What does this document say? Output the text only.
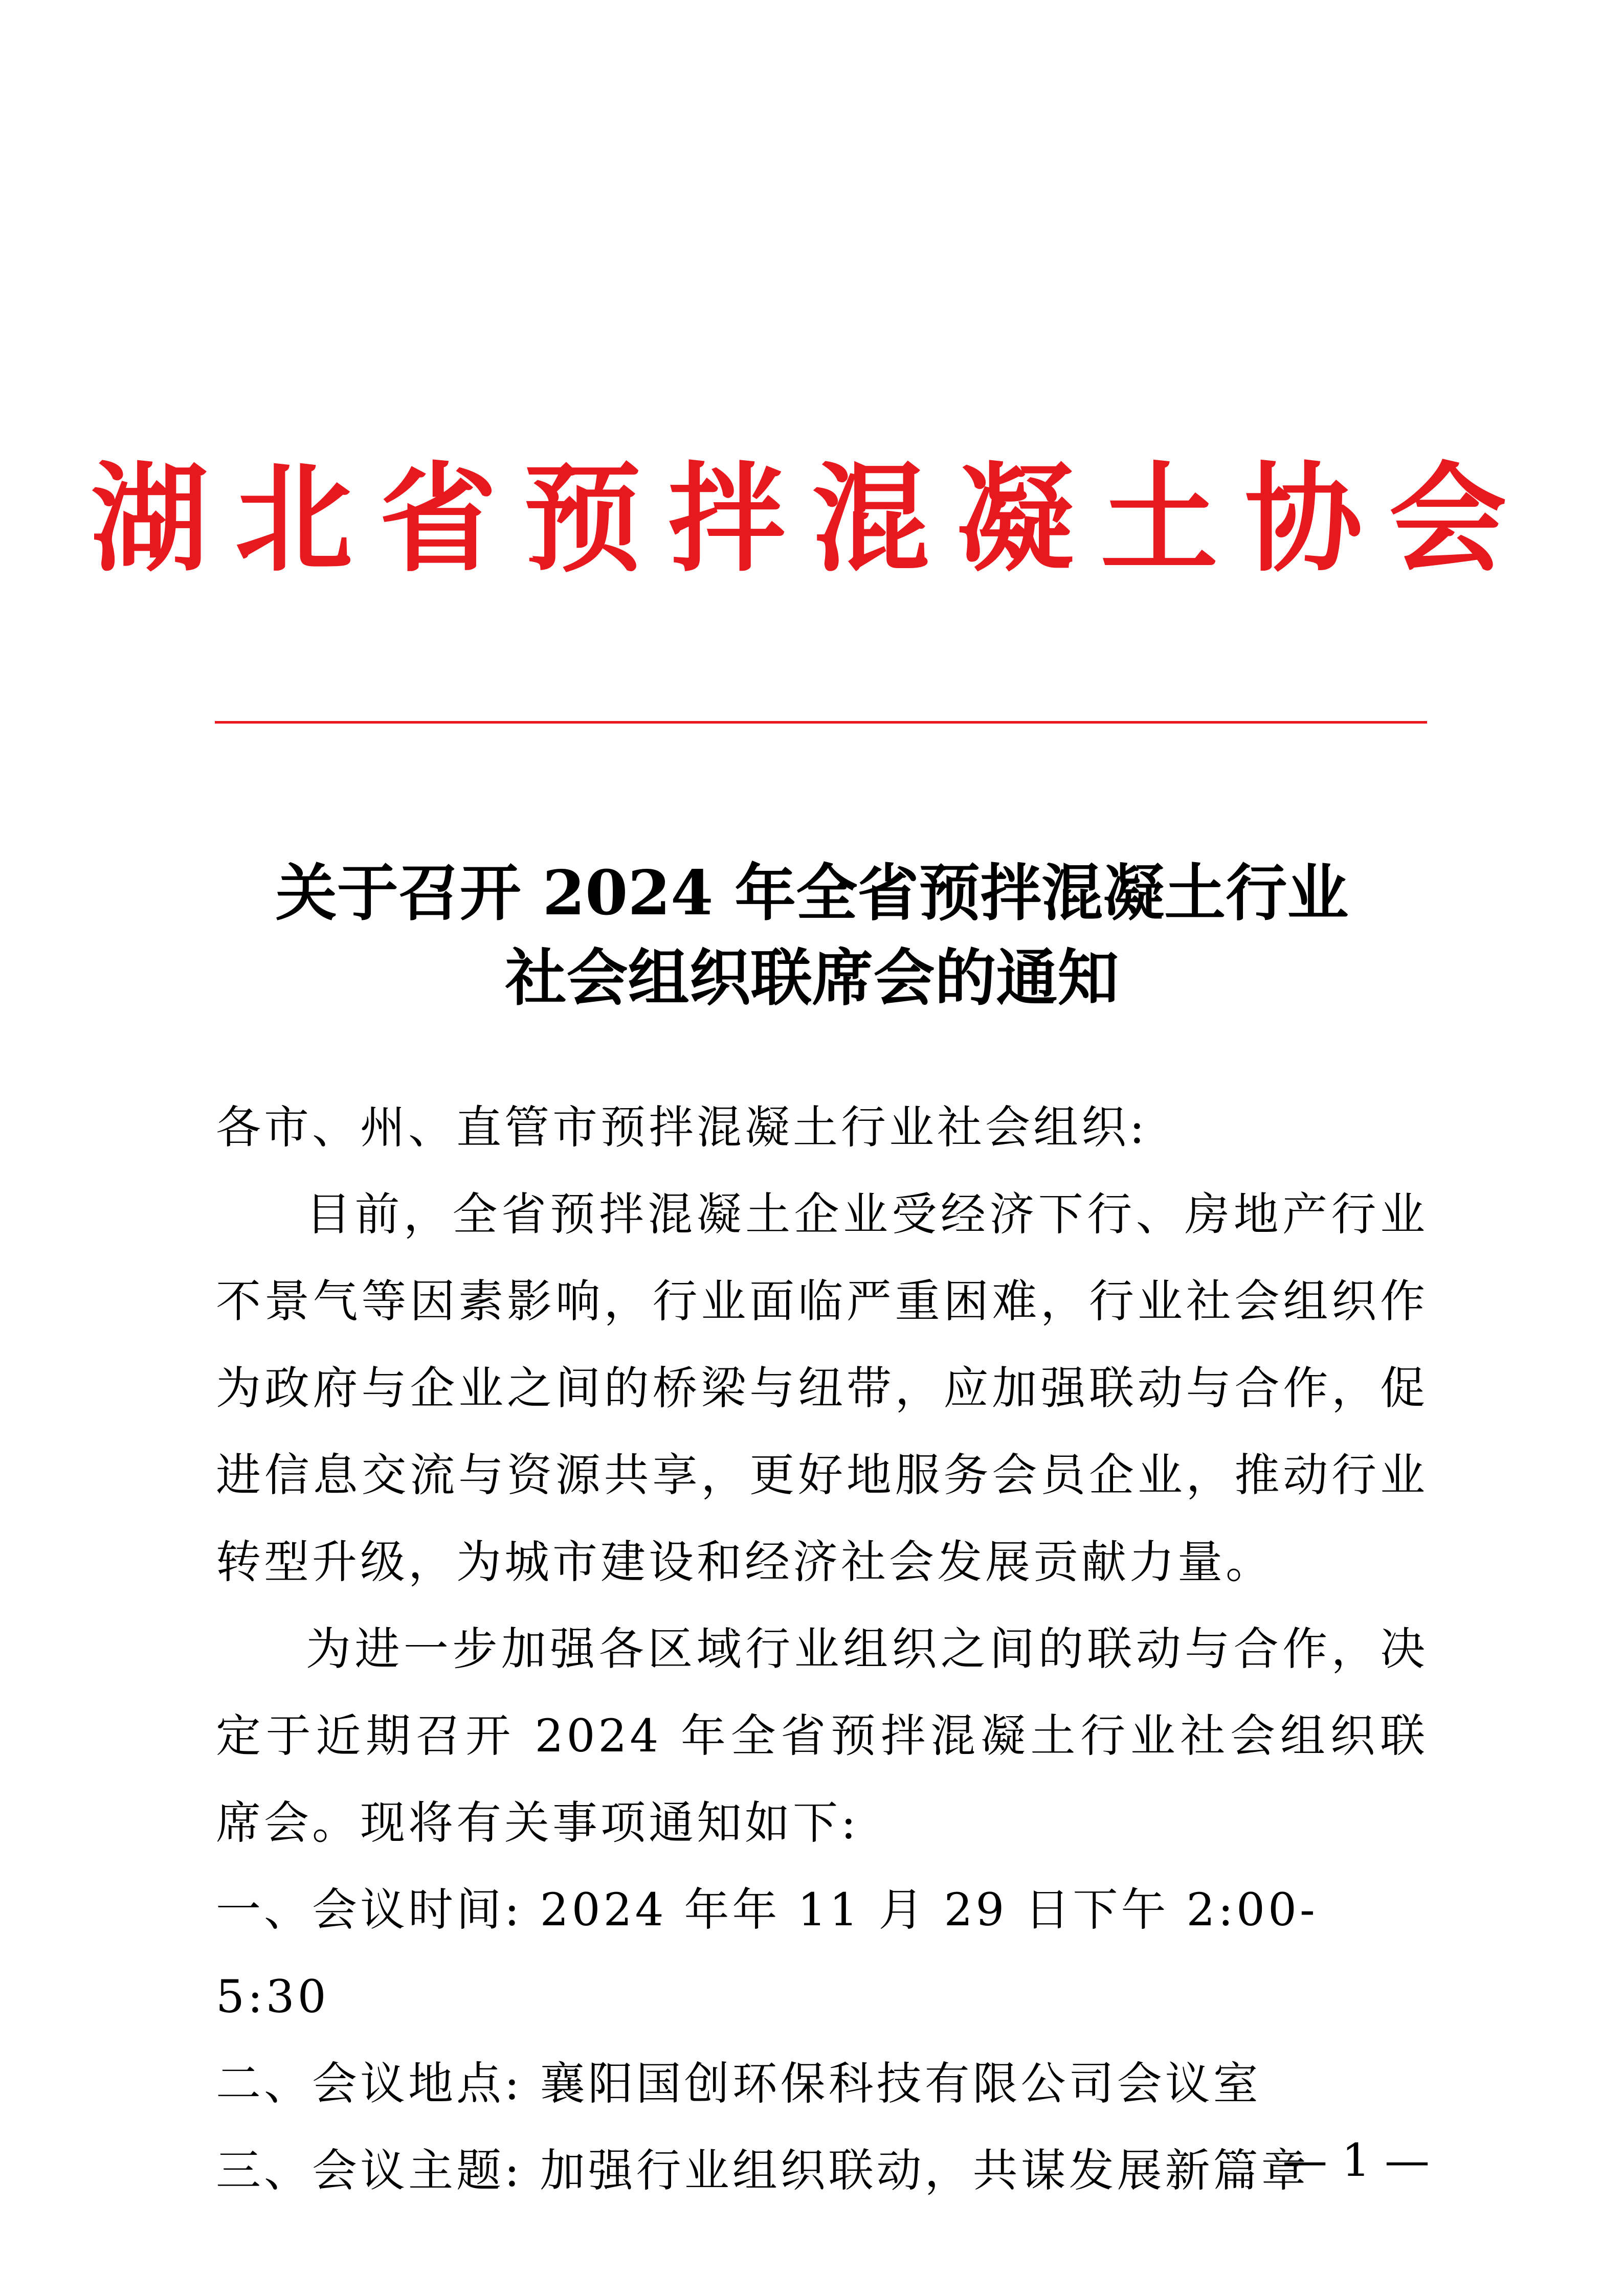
湖北省预拌混凝土协会
关于召开 2024 年全省预拌混凝土行业
社会组织联席会的通知

各市、州、直管市预拌混凝土行业社会组织:

目前，全省预拌混凝土企业受经济下行、房地产行业不景气等因素影响，行业面临严重困难，行业社会组织作为政府与企业之间的桥梁与纽带，应加强联动与合作，促进信息交流与资源共享，更好地服务会员企业，推动行业转型升级，为城市建设和经济社会发展贡献力量。

为进一步加强各区域行业组织之间的联动与合作，决定于近期召开 2024 年全省预拌混凝土行业社会组织联席会。现将有关事项通知如下:

一、会议时间: 2024 年年 11 月 29 日下午 2:00-5:30

二、会议地点: 襄阳国创环保科技有限公司会议室

三、会议主题: 加强行业组织联动，共谋发展新篇章

— 1 —
